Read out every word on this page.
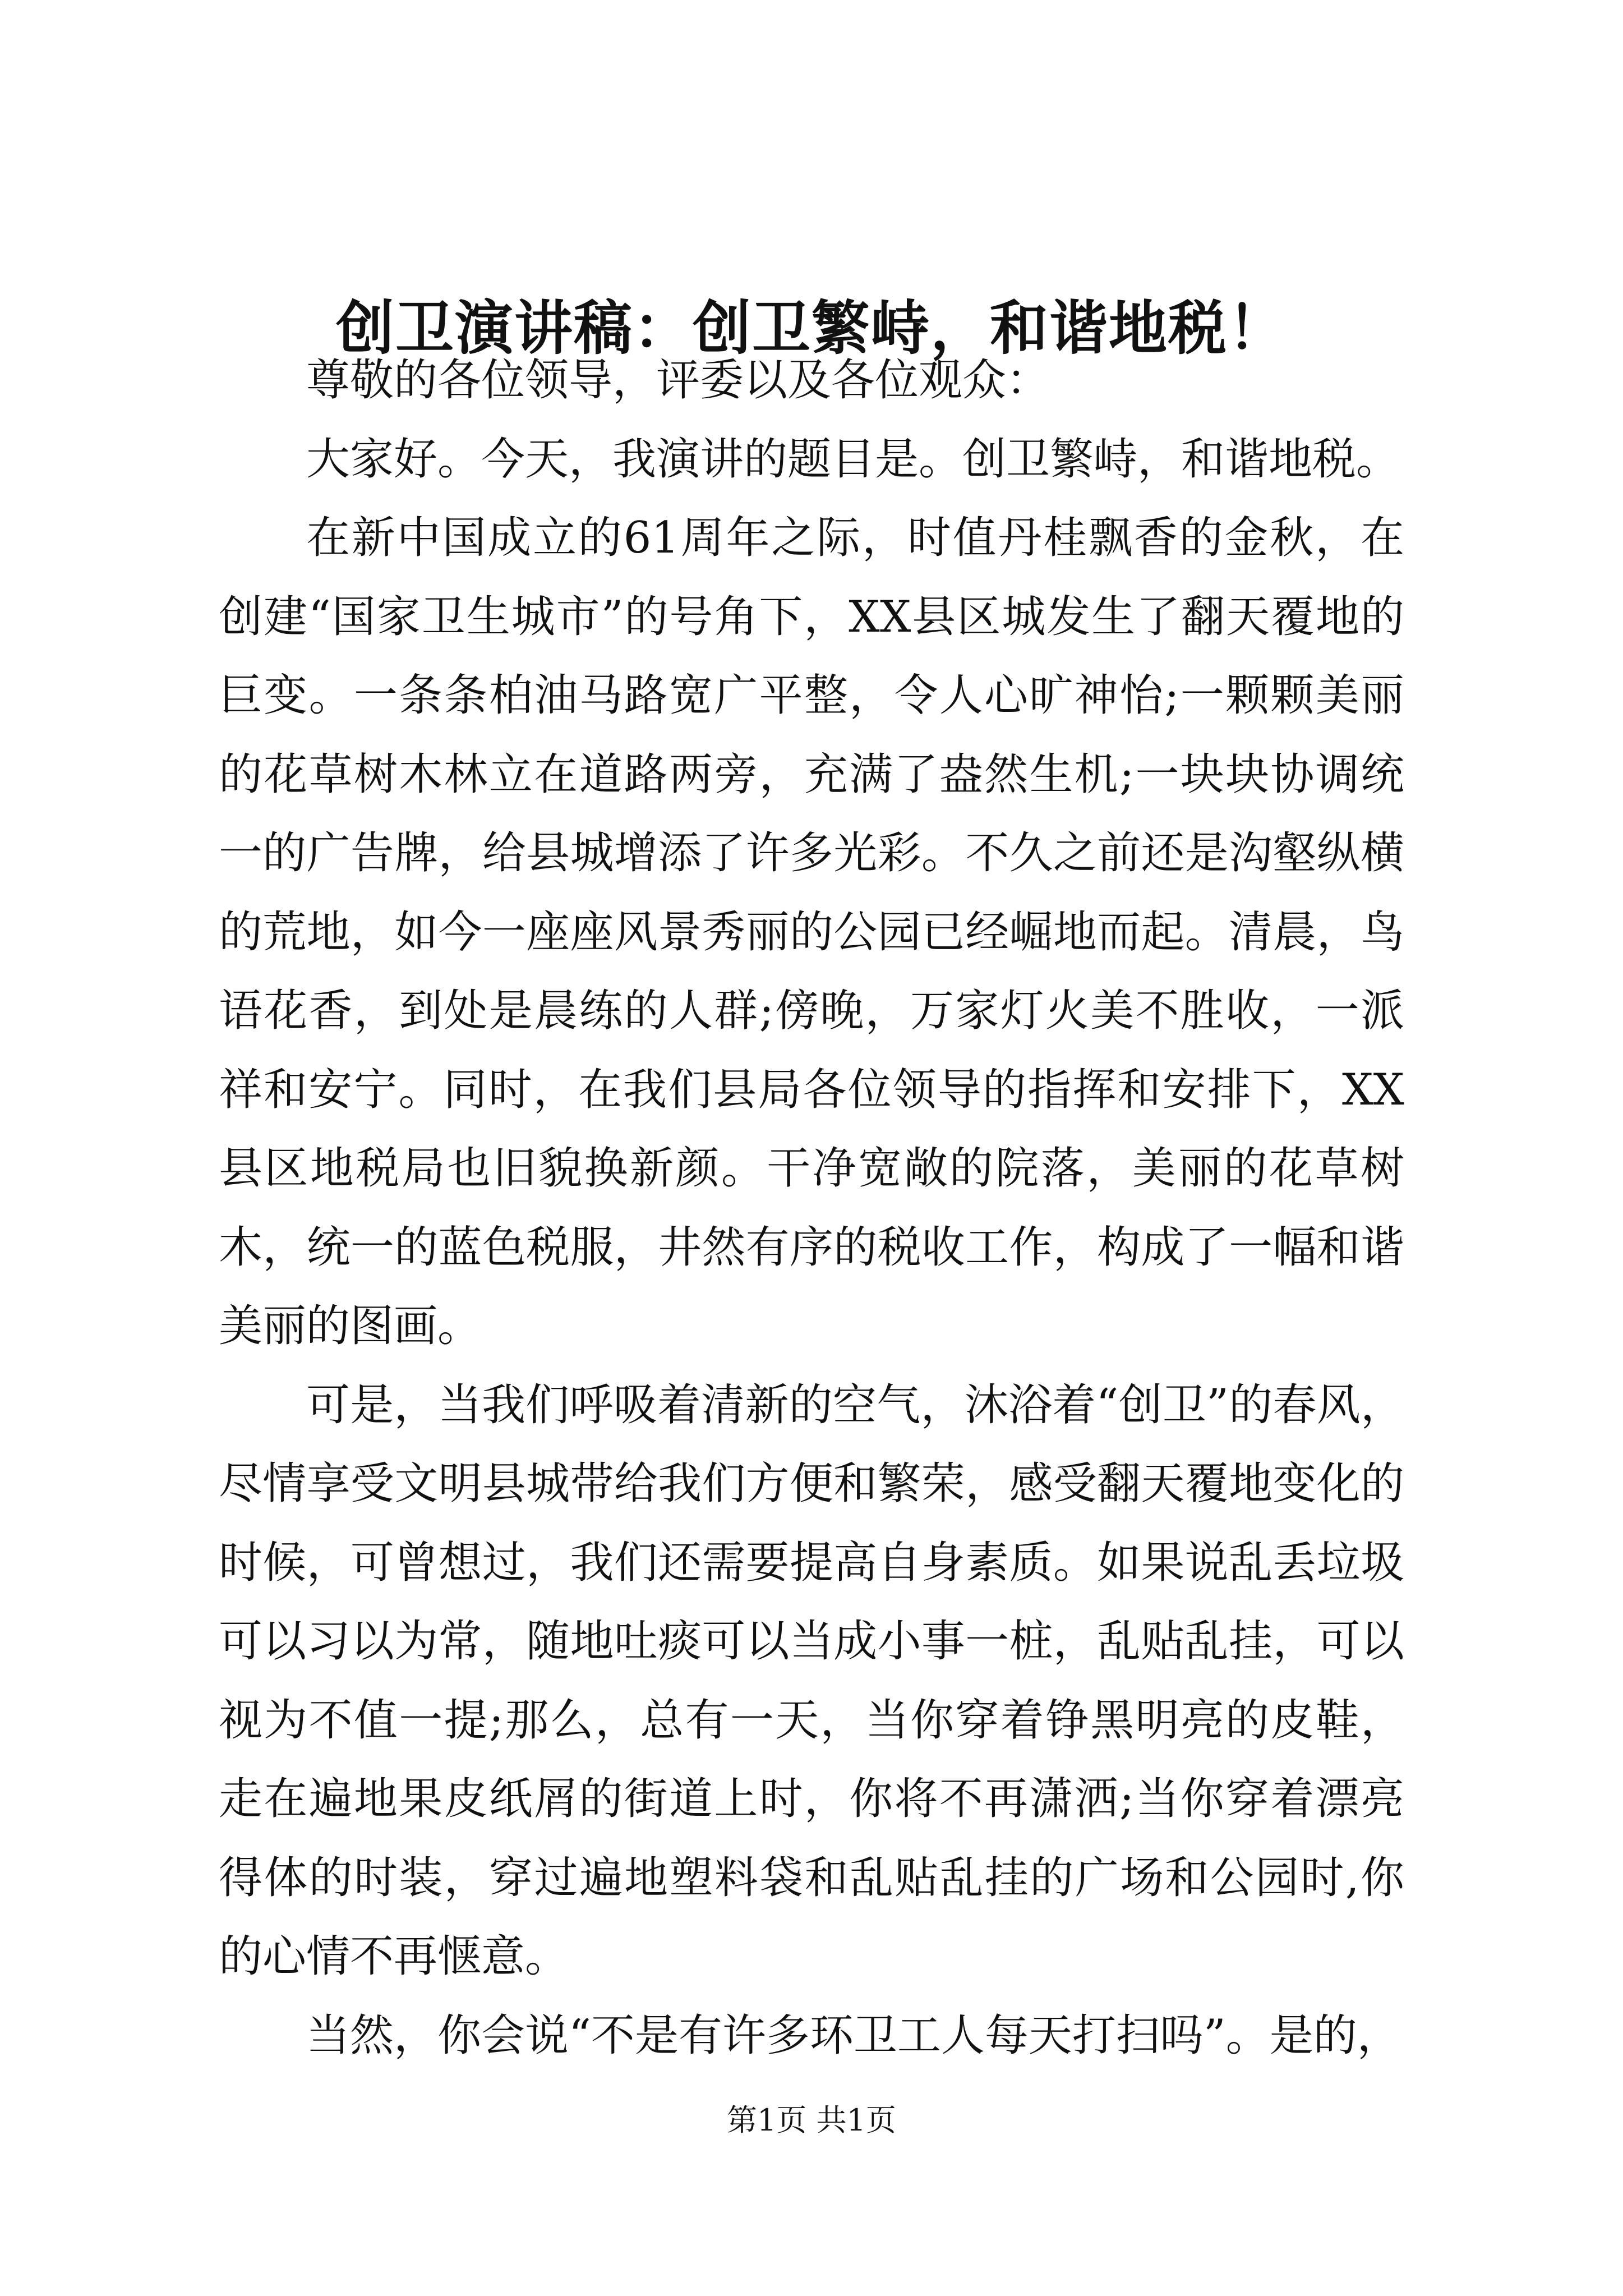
创卫演讲稿：创卫繁峙，和谐地税！

尊敬的各位领导，评委以及各位观众：

大家好。今天，我演讲的题目是。创卫繁峙，和谐地税。

在新中国成立的61周年之际，时值丹桂飘香的金秋，在创建“国家卫生城市”的号角下，XX县区城发生了翻天覆地的巨变。一条条柏油马路宽广平整，令人心旷神怡;一颗颗美丽的花草树木林立在道路两旁，充满了盎然生机;一块块协调统一的广告牌，给县城增添了许多光彩。不久之前还是沟壑纵横的荒地，如今一座座风景秀丽的公园已经崛地而起。清晨，鸟语花香，到处是晨练的人群;傍晚，万家灯火美不胜收，一派祥和安宁。同时，在我们县局各位领导的指挥和安排下，XX县区地税局也旧貌换新颜。干净宽敞的院落，美丽的花草树木，统一的蓝色税服，井然有序的税收工作，构成了一幅和谐美丽的图画。

可是，当我们呼吸着清新的空气，沐浴着“创卫”的春风，尽情享受文明县城带给我们方便和繁荣，感受翻天覆地变化的时候，可曾想过，我们还需要提高自身素质。如果说乱丢垃圾可以习以为常，随地吐痰可以当成小事一桩，乱贴乱挂，可以视为不值一提;那么，总有一天，当你穿着铮黑明亮的皮鞋，走在遍地果皮纸屑的街道上时，你将不再潇洒;当你穿着漂亮得体的时装，穿过遍地塑料袋和乱贴乱挂的广场和公园时,你的心情不再惬意。

当然，你会说“不是有许多环卫工人每天打扫吗”。是的，

第1页 共1页
